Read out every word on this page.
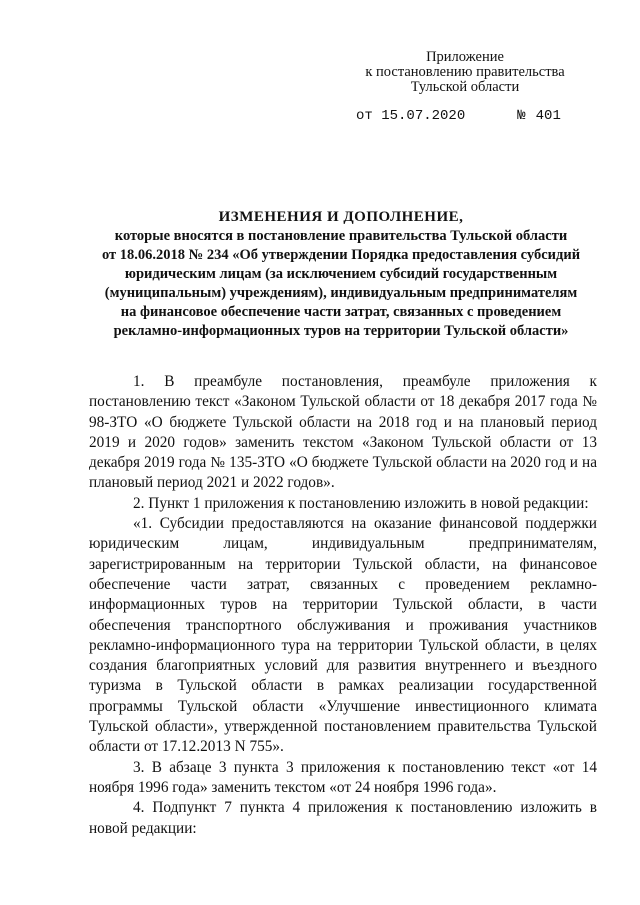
Приложение
к постановлению правительства
Тульской области
от 15.07.2020	№ 401
ИЗМЕНЕНИЯ И ДОПОЛНЕНИЕ,
которые вносятся в постановление правительства Тульской области
от 18.06.2018 № 234 «Об утверждении Порядка предоставления субсидий
юридическим лицам (за исключением субсидий государственным
(муниципальным) учреждениям), индивидуальным предпринимателям
на финансовое обеспечение части затрат, связанных с проведением
рекламно-информационных туров на территории Тульской области»

1. В преамбуле постановления, преамбуле приложения к постановлению текст «Законом Тульской области от 18 декабря 2017 года № 98-ЗТО «О бюджете Тульской области на 2018 год и на плановый период 2019 и 2020 годов» заменить текстом «Законом Тульской области от 13 декабря 2019 года № 135-ЗТО «О бюджете Тульской области на 2020 год и на плановый период 2021 и 2022 годов».

2. Пункт 1 приложения к постановлению изложить в новой редакции:

«1. Субсидии предоставляются на оказание финансовой поддержки юридическим лицам, индивидуальным предпринимателям, зарегистрированным на территории Тульской области, на финансовое обеспечение части затрат, связанных с проведением рекламно-информационных туров на территории Тульской области, в части обеспечения транспортного обслуживания и проживания участников рекламно-информационного тура на территории Тульской области, в целях создания благоприятных условий для развития внутреннего и въездного туризма в Тульской области в рамках реализации государственной программы Тульской области «Улучшение инвестиционного климата Тульской области», утвержденной постановлением правительства Тульской области от 17.12.2013 N 755».

3. В абзаце 3 пункта 3 приложения к постановлению текст «от 14 ноября 1996 года» заменить текстом «от 24 ноября 1996 года».

4. Подпункт 7 пункта 4 приложения к постановлению изложить в новой редакции:
